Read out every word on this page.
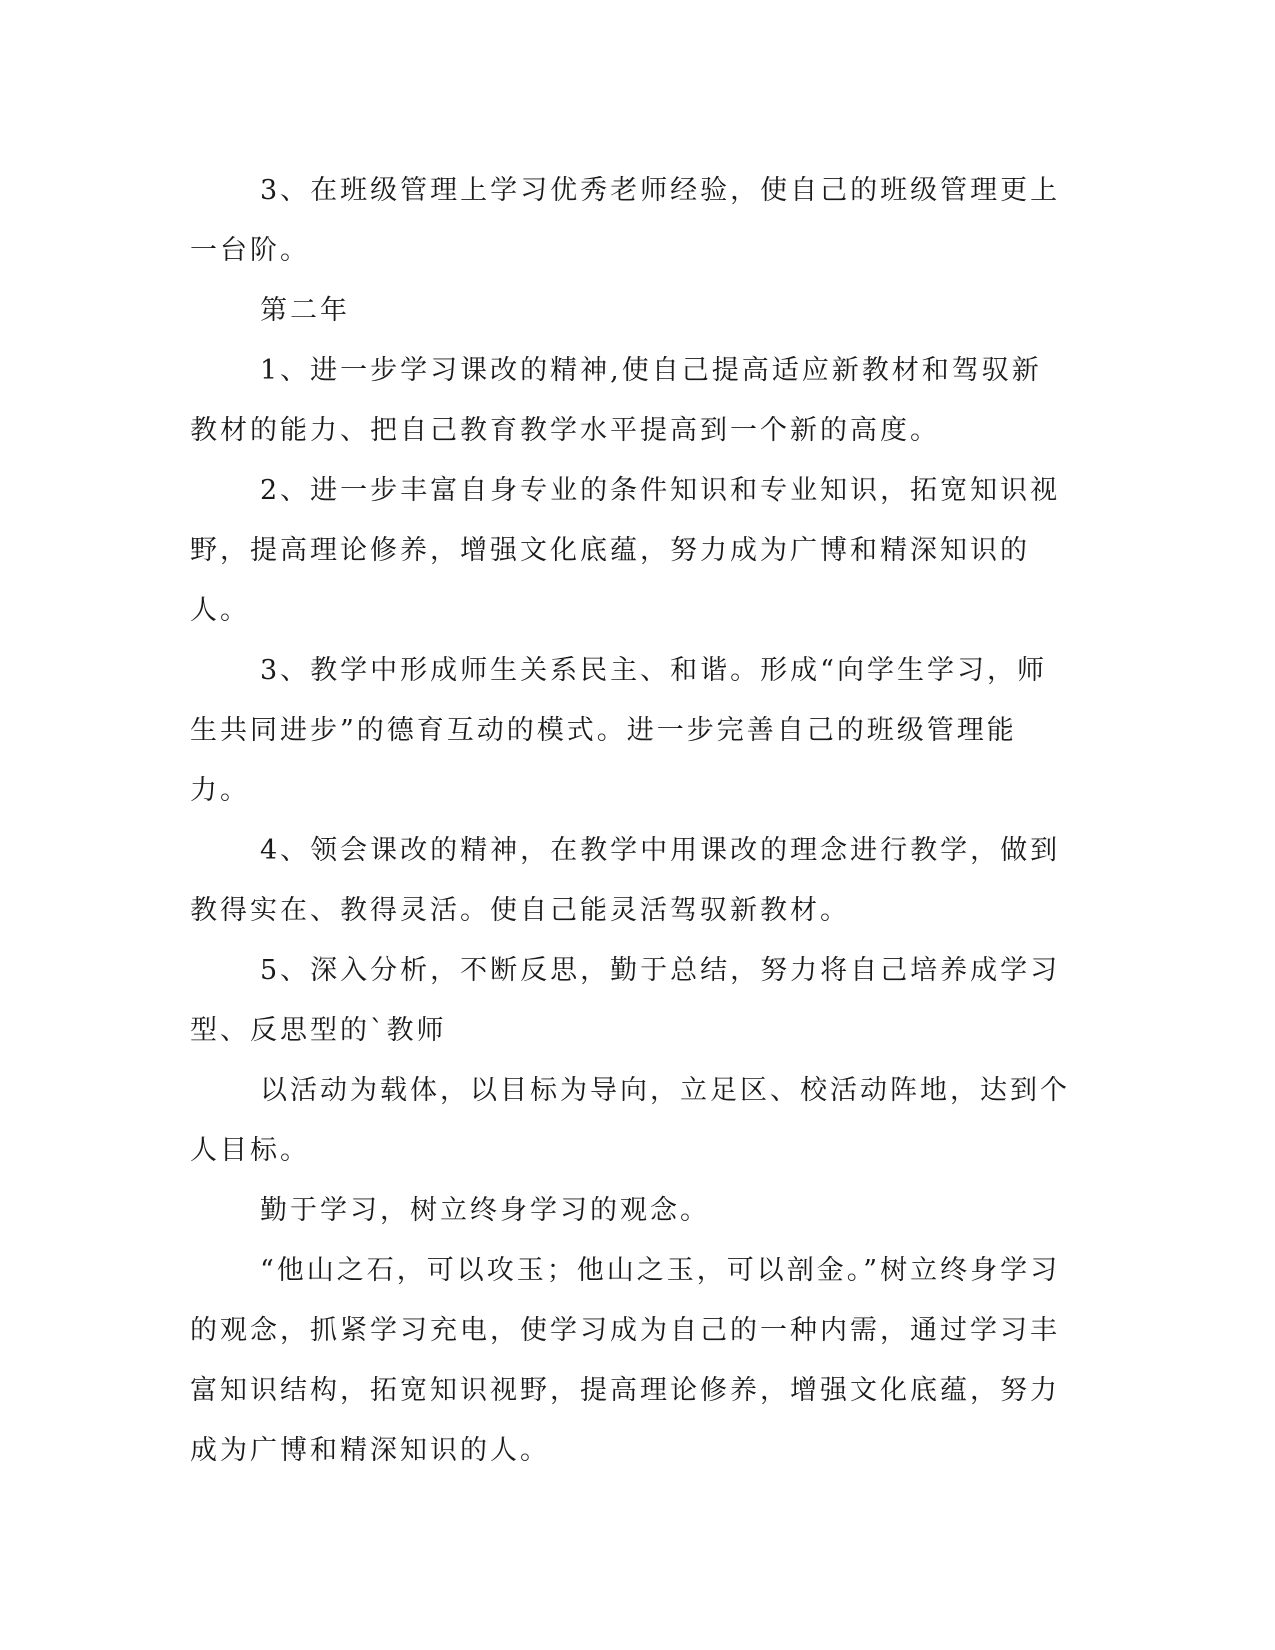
3、在班级管理上学习优秀老师经验，使自己的班级管理更上一台阶。

第二年

1、进一步学习课改的精神,使自己提高适应新教材和驾驭新教材的能力、把自己教育教学水平提高到一个新的高度。

2、进一步丰富自身专业的条件知识和专业知识，拓宽知识视野，提高理论修养，增强文化底蕴，努力成为广博和精深知识的人。

3、教学中形成师生关系民主、和谐。形成“向学生学习，师生共同进步”的德育互动的模式。进一步完善自己的班级管理能力。

4、领会课改的精神，在教学中用课改的理念进行教学，做到教得实在、教得灵活。使自己能灵活驾驭新教材。

5、深入分析，不断反思，勤于总结，努力将自己培养成学习型、反思型的`教师

以活动为载体，以目标为导向，立足区、校活动阵地，达到个人目标。

勤于学习，树立终身学习的观念。

“他山之石，可以攻玉；他山之玉，可以剖金。”树立终身学习的观念，抓紧学习充电，使学习成为自己的一种内需，通过学习丰富知识结构，拓宽知识视野，提高理论修养，增强文化底蕴，努力成为广博和精深知识的人。
